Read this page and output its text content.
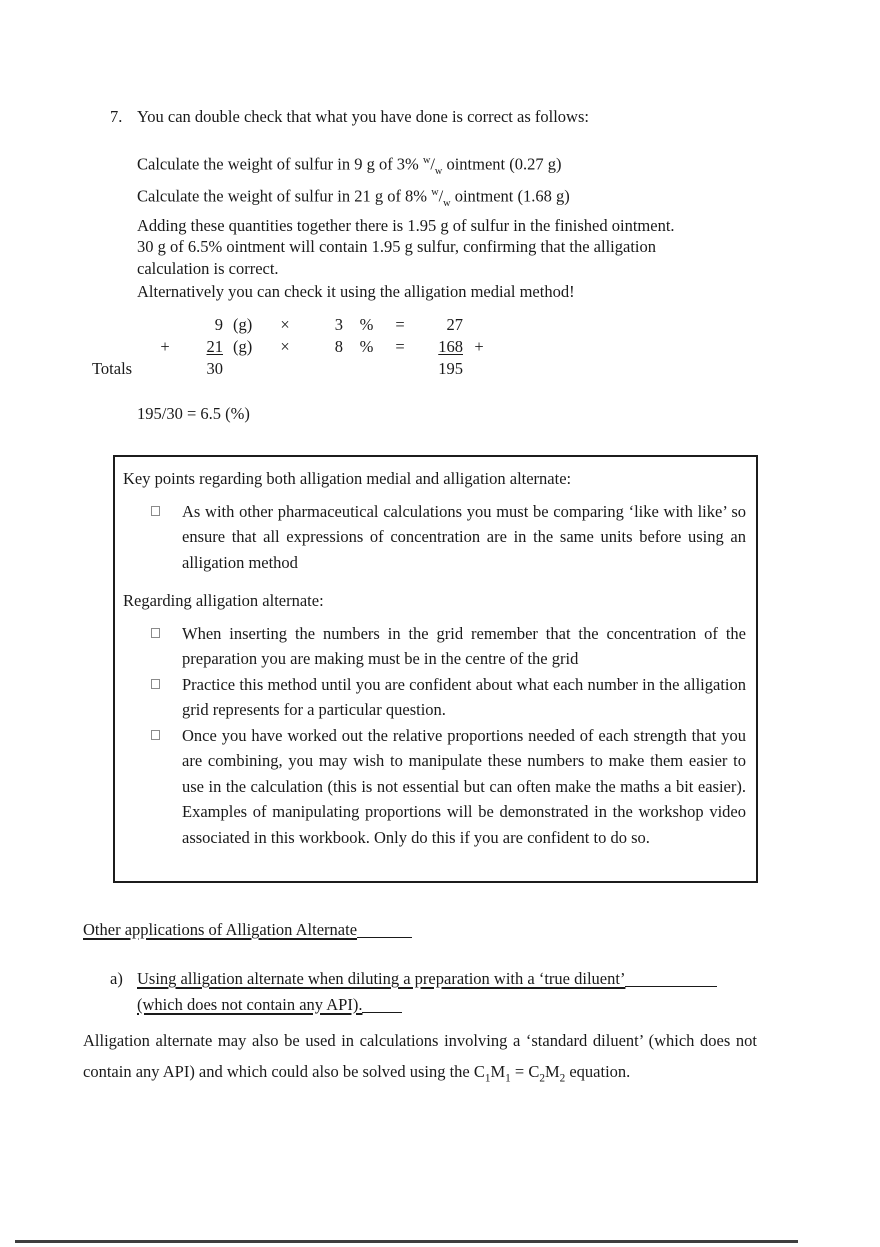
7. You can double check that what you have done is correct as follows:
Calculate the weight of sulfur in 9 g of 3% $^w/_w$ ointment (0.27 g)
Calculate the weight of sulfur in 21 g of 8% $^w/_w$ ointment (1.68 g)
Adding these quantities together there is 1.95 g of sulfur in the finished ointment.
30 g of 6.5% ointment will contain 1.95 g sulfur, confirming that the alligation
calculation is correct.
Alternatively you can check it using the alligation medial method!
		9	(g)	×	3	%	=	27	
	+	21	(g)	×	8	%	=	168	+
Totals		30						195	
195/30 = 6.5 (%)
Key points regarding both alligation medial and alligation alternate:
As with other pharmaceutical calculations you must be comparing ‘like with like’ so ensure that all expressions of concentration are in the same units before using an alligation method
Regarding alligation alternate:
When inserting the numbers in the grid remember that the concentration of the preparation you are making must be in the centre of the grid
Practice this method until you are confident about what each number in the alligation grid represents for a particular question.
Once you have worked out the relative proportions needed of each strength that you are combining, you may wish to manipulate these numbers to make them easier to use in the calculation (this is not essential but can often make the maths a bit easier). Examples of manipulating proportions will be demonstrated in the workshop video associated in this workbook. Only do this if you are confident to do so.
Other applications of Alligation Alternate
a) Using alligation alternate when diluting a preparation with a ‘true diluent’
(which does not contain any API).
Alligation alternate may also be used in calculations involving a ‘standard diluent’ (which does not contain any API) and which could also be solved using the $C_1M_1 = C_2M_2$ equation.
